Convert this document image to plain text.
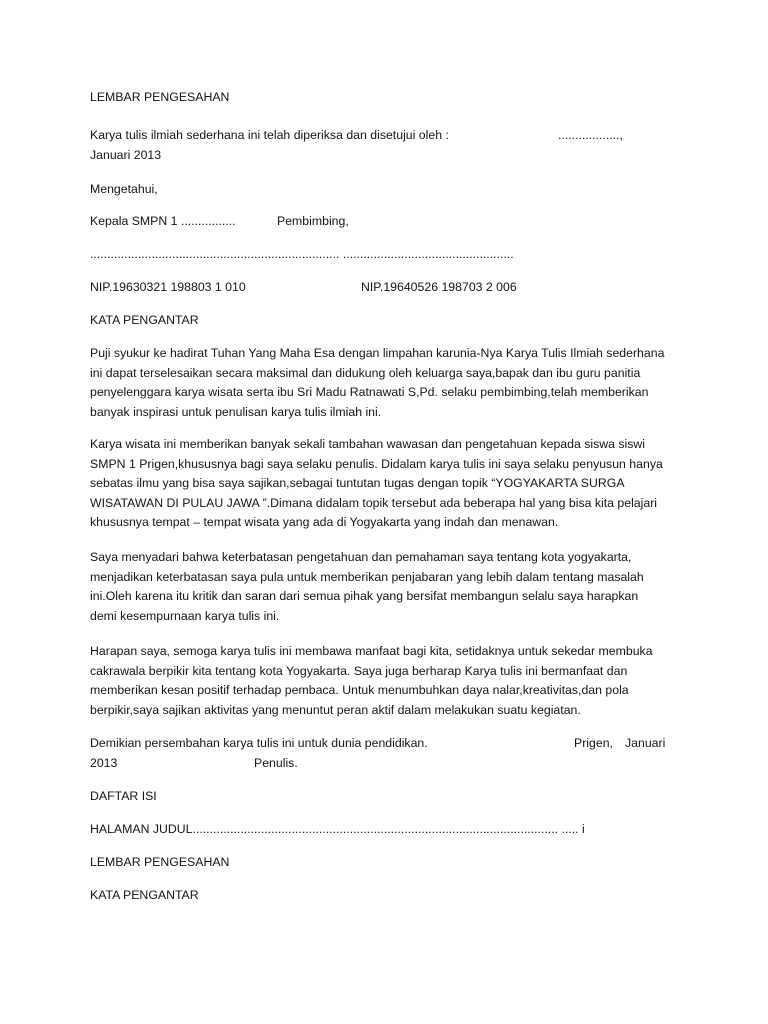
LEMBAR PENGESAHAN
Karya tulis ilmiah sederhana ini telah diperiksa dan disetujui oleh :	..................,
Januari 2013
Mengetahui,
Kepala SMPN 1 ................	Pembimbing,
......................................................................... ..................................................
NIP.19630321 198803 1 010	NIP.19640526 198703 2 006
KATA PENGANTAR
Puji syukur ke hadirat Tuhan Yang Maha Esa dengan limpahan karunia-Nya Karya Tulis Ilmiah sederhana
ini dapat terselesaikan secara maksimal dan didukung oleh keluarga saya,bapak dan ibu guru panitia
penyelenggara karya wisata serta ibu Sri Madu Ratnawati S,Pd. selaku pembimbing,telah memberikan
banyak inspirasi untuk penulisan karya tulis ilmiah ini.
Karya wisata ini memberikan banyak sekali tambahan wawasan dan pengetahuan kepada siswa siswi
SMPN 1 Prigen,khususnya bagi saya selaku penulis. Didalam karya tulis ini saya selaku penyusun hanya
sebatas ilmu yang bisa saya sajikan,sebagai tuntutan tugas dengan topik “YOGYAKARTA SURGA
WISATAWAN DI PULAU JAWA ”.Dimana didalam topik tersebut ada beberapa hal yang bisa kita pelajari
khususnya tempat – tempat wisata yang ada di Yogyakarta yang indah dan menawan.
Saya menyadari bahwa keterbatasan pengetahuan dan pemahaman saya tentang kota yogyakarta,
menjadikan keterbatasan saya pula untuk memberikan penjabaran yang lebih dalam tentang masalah
ini.Oleh karena itu kritik dan saran dari semua pihak yang bersifat membangun selalu saya harapkan
demi kesempurnaan karya tulis ini.
Harapan saya, semoga karya tulis ini membawa manfaat bagi kita, setidaknya untuk sekedar membuka
cakrawala berpikir kita tentang kota Yogyakarta. Saya juga berharap Karya tulis ini bermanfaat dan
memberikan kesan positif terhadap pembaca. Untuk menumbuhkan daya nalar,kreativitas,dan pola
berpikir,saya sajikan aktivitas yang menuntut peran aktif dalam melakukan suatu kegiatan.
Demikian persembahan karya tulis ini untuk dunia pendidikan.	Prigen, Januari
2013	Penulis.
DAFTAR ISI
HALAMAN JUDUL........................................................................................................... ..... i
LEMBAR PENGESAHAN
KATA PENGANTAR
